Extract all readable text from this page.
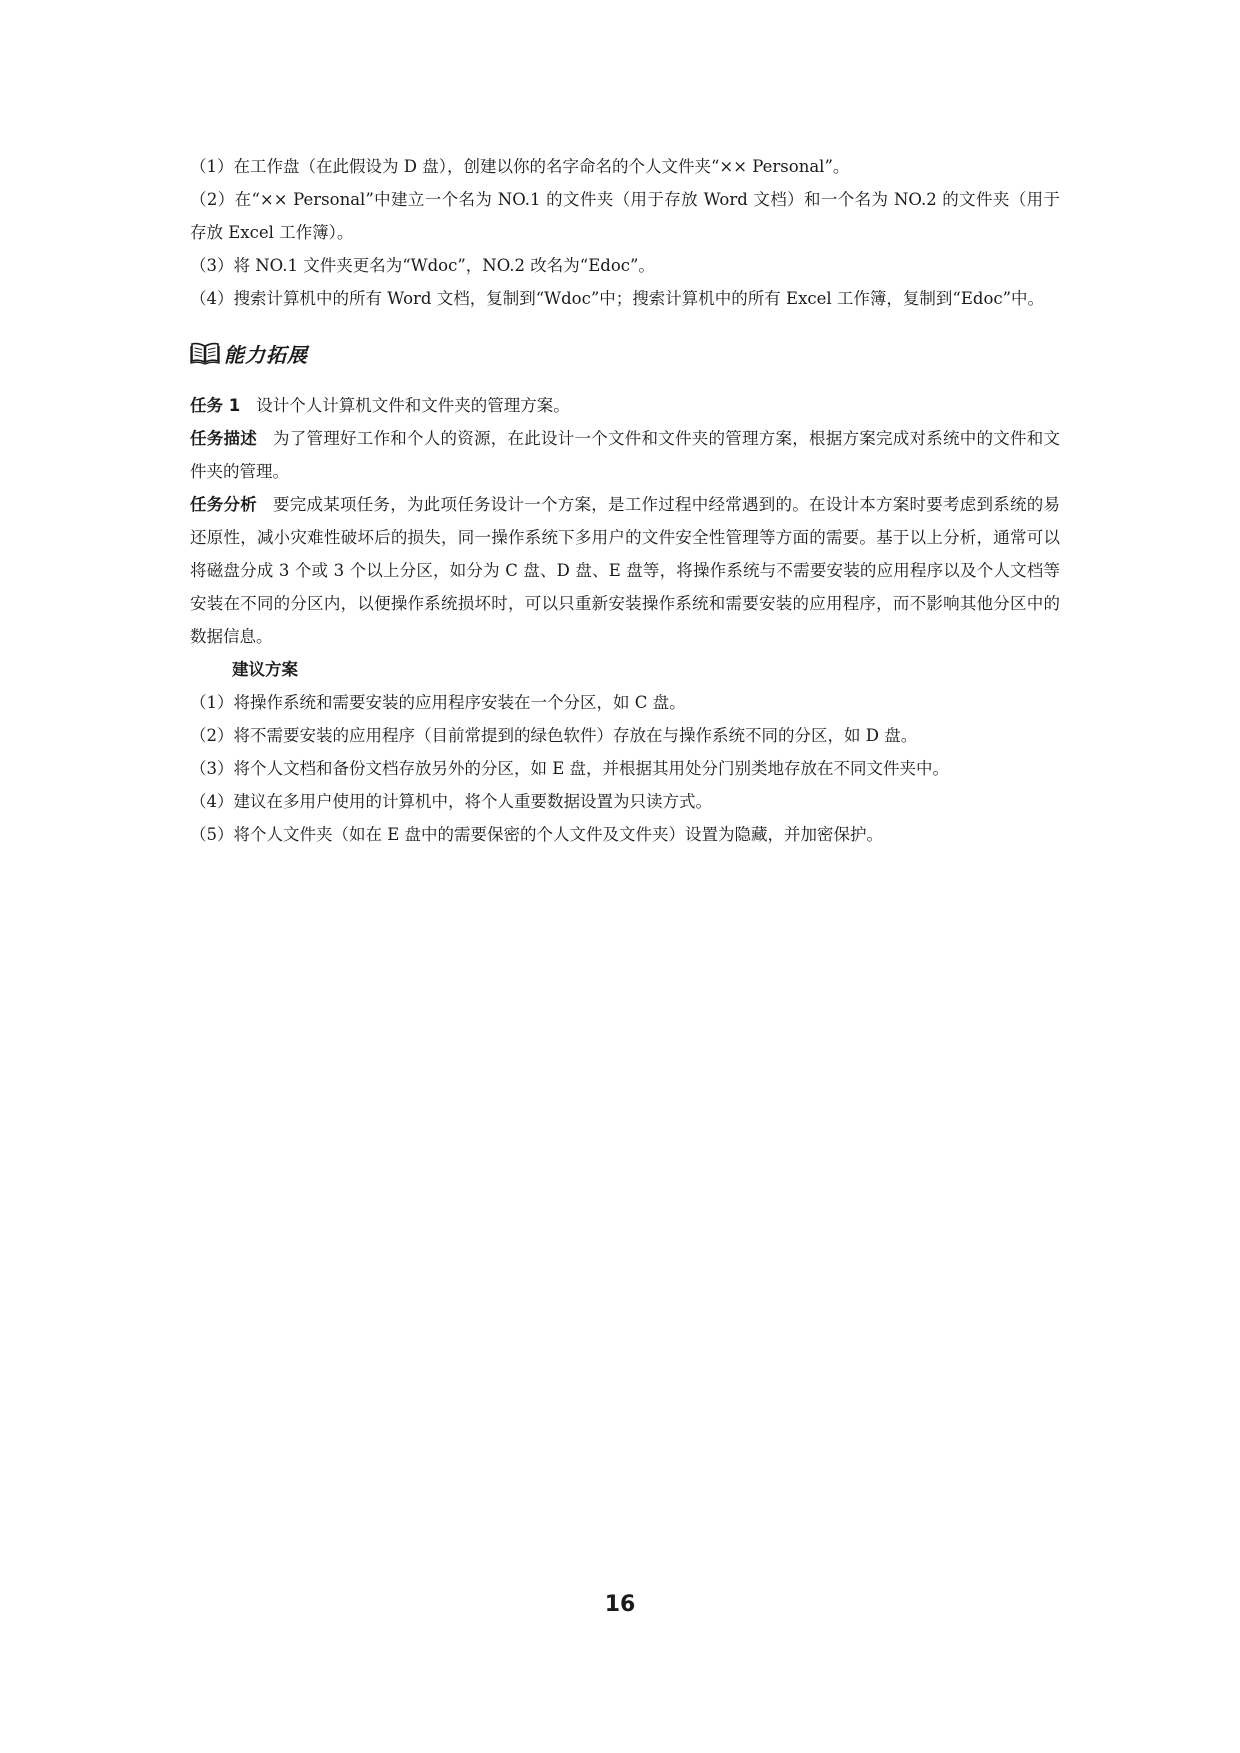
（1）在工作盘（在此假设为 D 盘），创建以你的名字命名的个人文件夹“×× Personal”。

（2）在“×× Personal”中建立一个名为 NO.1 的文件夹（用于存放 Word 文档）和一个名为 NO.2 的文件夹（用于存放 Excel 工作簿）。

（3）将 NO.1 文件夹更名为“Wdoc”，NO.2 改名为“Edoc”。

（4）搜索计算机中的所有 Word 文档，复制到“Wdoc”中；搜索计算机中的所有 Excel 工作簿，复制到“Edoc”中。

能力拓展

任务 1 设计个人计算机文件和文件夹的管理方案。

任务描述 为了管理好工作和个人的资源，在此设计一个文件和文件夹的管理方案，根据方案完成对系统中的文件和文件夹的管理。

任务分析 要完成某项任务，为此项任务设计一个方案，是工作过程中经常遇到的。在设计本方案时要考虑到系统的易还原性，减小灾难性破坏后的损失，同一操作系统下多用户的文件安全性管理等方面的需要。基于以上分析，通常可以将磁盘分成 3 个或 3 个以上分区，如分为 C 盘、D 盘、E 盘等，将操作系统与不需要安装的应用程序以及个人文档等安装在不同的分区内，以便操作系统损坏时，可以只重新安装操作系统和需要安装的应用程序，而不影响其他分区中的数据信息。

建议方案

（1）将操作系统和需要安装的应用程序安装在一个分区，如 C 盘。

（2）将不需要安装的应用程序（目前常提到的绿色软件）存放在与操作系统不同的分区，如 D 盘。

（3）将个人文档和备份文档存放另外的分区，如 E 盘，并根据其用处分门别类地存放在不同文件夹中。

（4）建议在多用户使用的计算机中，将个人重要数据设置为只读方式。

（5）将个人文件夹（如在 E 盘中的需要保密的个人文件及文件夹）设置为隐藏，并加密保护。

16
